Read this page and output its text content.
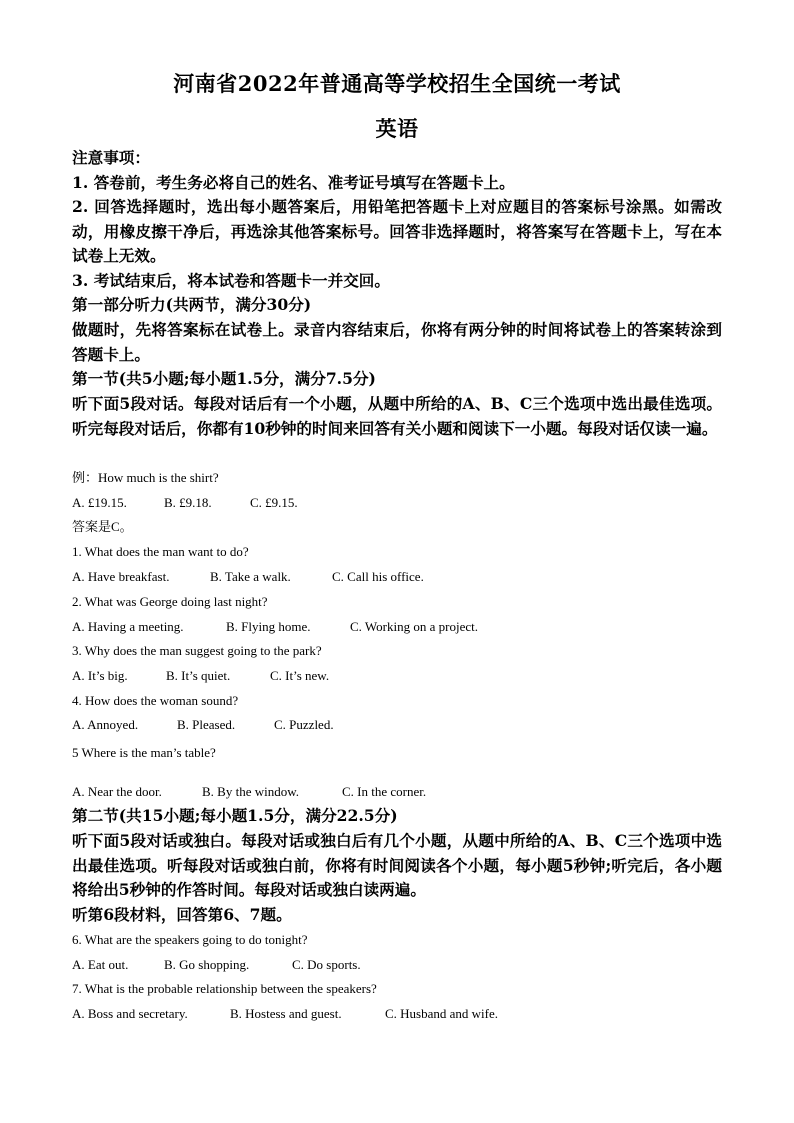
河南省2022年普通高等学校招生全国统一考试
英语
注意事项：
1. 答卷前，考生务必将自己的姓名、准考证号填写在答题卡上。
2. 回答选择题时，选出每小题答案后，用铅笔把答题卡上对应题目的答案标号涂黑。如需改动，用橡皮擦干净后，再选涂其他答案标号。回答非选择题时，将答案写在答题卡上，写在本试卷上无效。
3. 考试结束后，将本试卷和答题卡一并交回。
第一部分听力(共两节，满分30分)
做题时，先将答案标在试卷上。录音内容结束后，你将有两分钟的时间将试卷上的答案转涂到答题卡上。
第一节(共5小题;每小题1.5分，满分7.5分)
听下面5段对话。每段对话后有一个小题，从题中所给的A、B、C三个选项中选出最佳选项。听完每段对话后，你都有10秒钟的时间来回答有关小题和阅读下一小题。每段对话仅读一遍。
例：How much is the shirt?
A. £19.15.	B. £9.18.	C. £9.15.
答案是C。
1. What does the man want to do?
A. Have breakfast.	B. Take a walk.	C. Call his office.
2. What was George doing last night?
A. Having a meeting.	B. Flying home.	C. Working on a project.
3. Why does the man suggest going to the park?
A. It’s big.	B. It’s quiet.	C. It’s new.
4. How does the woman sound?
A. Annoyed.	B. Pleased.	C. Puzzled.
5 Where is the man’s table?
A. Near the door.	B. By the window.	C. In the corner.
第二节(共15小题;每小题1.5分，满分22.5分)
听下面5段对话或独白。每段对话或独白后有几个小题，从题中所给的A、B、C三个选项中选出最佳选项。听每段对话或独白前，你将有时间阅读各个小题，每小题5秒钟;听完后，各小题将给出5秒钟的作答时间。每段对话或独白读两遍。
听第6段材料，回答第6、7题。
6. What are the speakers going to do tonight?
A. Eat out.	B. Go shopping.	C. Do sports.
7. What is the probable relationship between the speakers?
A. Boss and secretary.	B. Hostess and guest.	C. Husband and wife.
